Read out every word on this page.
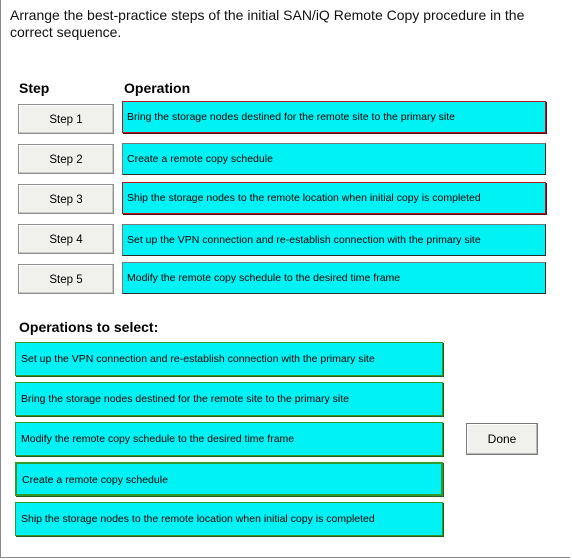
Arrange the best-practice steps of the initial SAN/iQ Remote Copy procedure in the correct sequence.
Step	Operation
Step 1	Bring the storage nodes destined for the remote site to the primary site
Step 2	Create a remote copy schedule
Step 3	Ship the storage nodes to the remote location when initial copy is completed
Step 4	Set up the VPN connection and re-establish connection with the primary site
Step 5	Modify the remote copy schedule to the desired time frame
Operations to select:
Set up the VPN connection and re-establish connection with the primary site
Bring the storage nodes destined for the remote site to the primary site
Modify the remote copy schedule to the desired time frame
Create a remote copy schedule
Ship the storage nodes to the remote location when initial copy is completed
Done
